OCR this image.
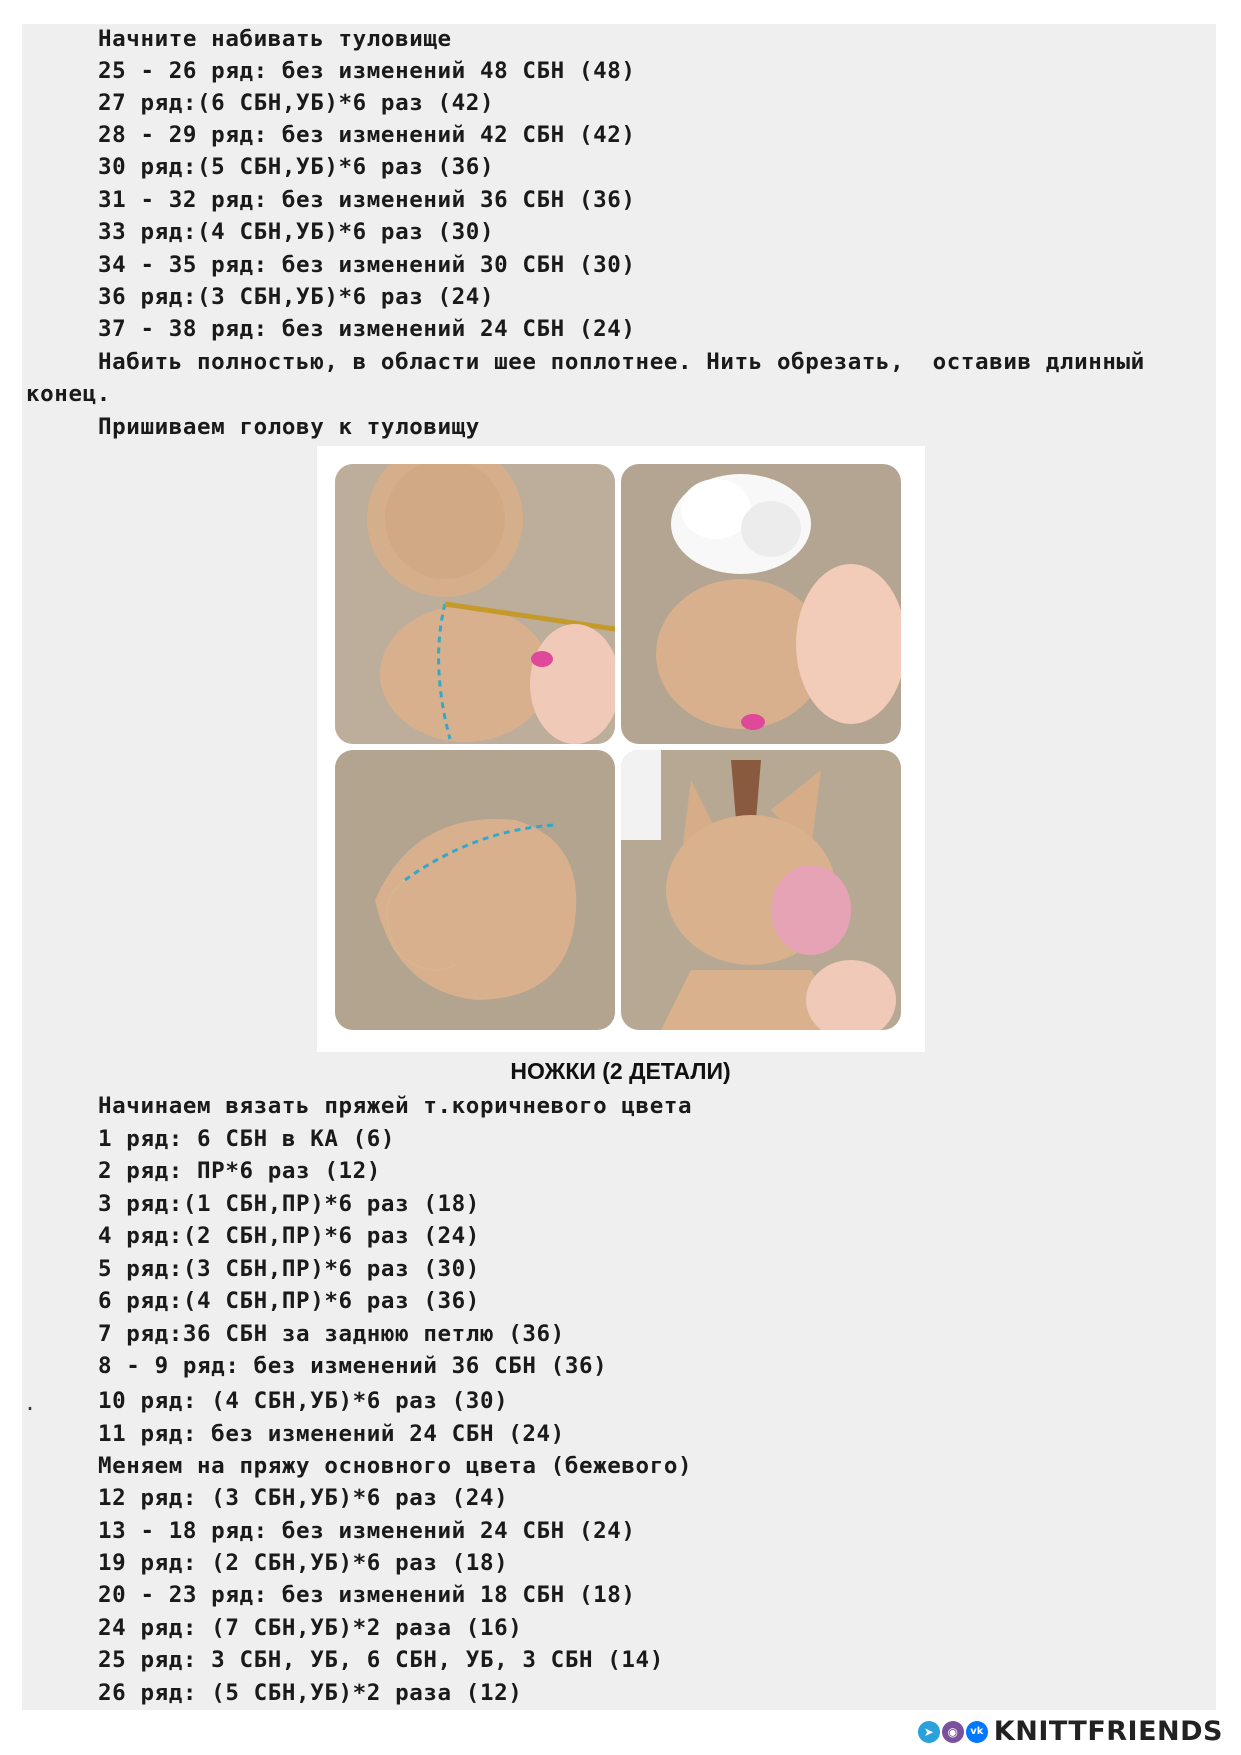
Начните набивать туловище
25 - 26 ряд: без изменений 48 СБН (48)
27 ряд:(6 СБН,УБ)*6 раз (42)
28 - 29 ряд: без изменений 42 СБН (42)
30 ряд:(5 СБН,УБ)*6 раз (36)
31 - 32 ряд: без изменений 36 СБН (36)
33 ряд:(4 СБН,УБ)*6 раз (30)
34 - 35 ряд: без изменений 30 СБН (30)
36 ряд:(3 СБН,УБ)*6 раз (24)
37 - 38 ряд: без изменений 24 СБН (24)
Набить полностью, в области шее поплотнее. Нить обрезать,  оставив длинный
конец.
Пришиваем голову к туловищу
НОЖКИ (2 ДЕТАЛИ)
Начинаем вязать пряжей т.коричневого цвета
1 ряд: 6 СБН в КА (6)
2 ряд: ПР*6 раз (12)
3 ряд:(1 СБН,ПР)*6 раз (18)
4 ряд:(2 СБН,ПР)*6 раз (24)
5 ряд:(3 СБН,ПР)*6 раз (30)
6 ряд:(4 СБН,ПР)*6 раз (36)
7 ряд:36 СБН за заднюю петлю (36)
8 - 9 ряд: без изменений 36 СБН (36)
.	10 ряд: (4 СБН,УБ)*6 раз (30)
11 ряд: без изменений 24 СБН (24)
Меняем на пряжу основного цвета (бежевого)
12 ряд: (3 СБН,УБ)*6 раз (24)
13 - 18 ряд: без изменений 24 СБН (24)
19 ряд: (2 СБН,УБ)*6 раз (18)
20 - 23 ряд: без изменений 18 СБН (18)
24 ряд: (7 СБН,УБ)*2 раза (16)
25 ряд: 3 СБН, УБ, 6 СБН, УБ, 3 СБН (14)
26 ряд: (5 СБН,УБ)*2 раза (12)
➤	◉	vk KNITTFRIENDS
